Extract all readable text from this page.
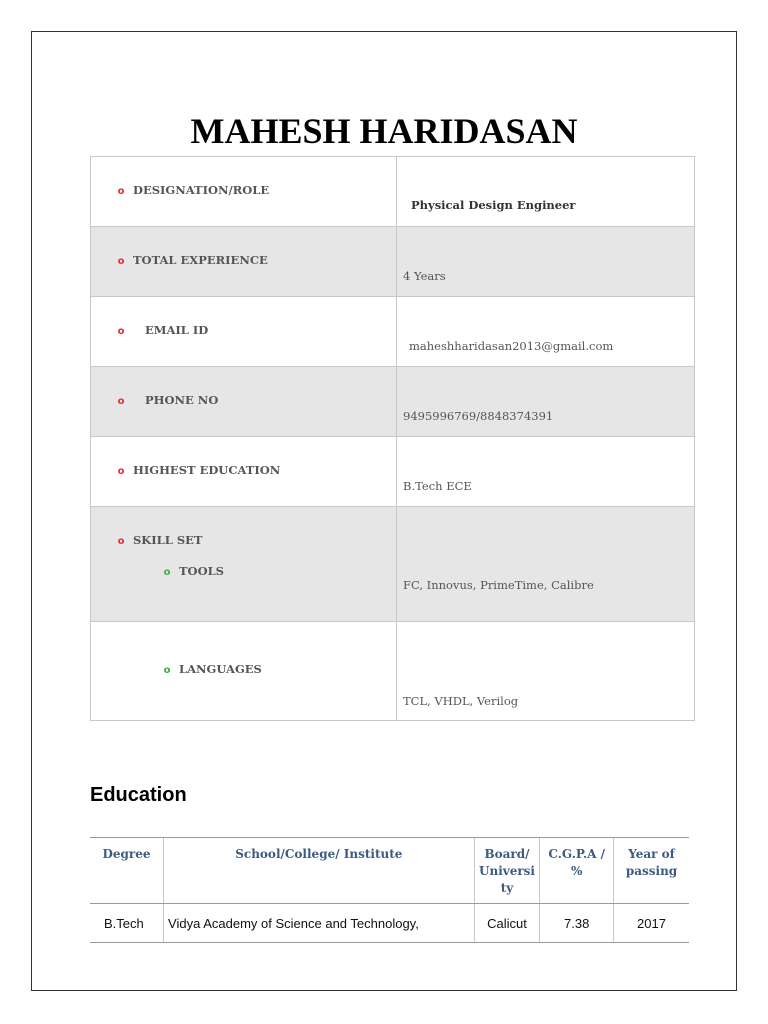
MAHESH HARIDASAN
o DESIGNATION/ROLE	Physical Design Engineer

o TOTAL EXPERIENCE	4 Years

o EMAIL ID	maheshharidasan2013@gmail.com

o PHONE NO	9495996769/8848374391

o HIGHEST EDUCATION	B.Tech ECE

o SKILL SET
o TOOLS	FC, Innovus, PrimeTime, Calibre

o LANGUAGES	TCL, VHDL, Verilog
Education
Degree	School/College/ Institute	Board/ Universi ty	C.G.P.A / %	Year of passing
B.Tech	Vidya Academy of Science and Technology,	Calicut	7.38	2017
